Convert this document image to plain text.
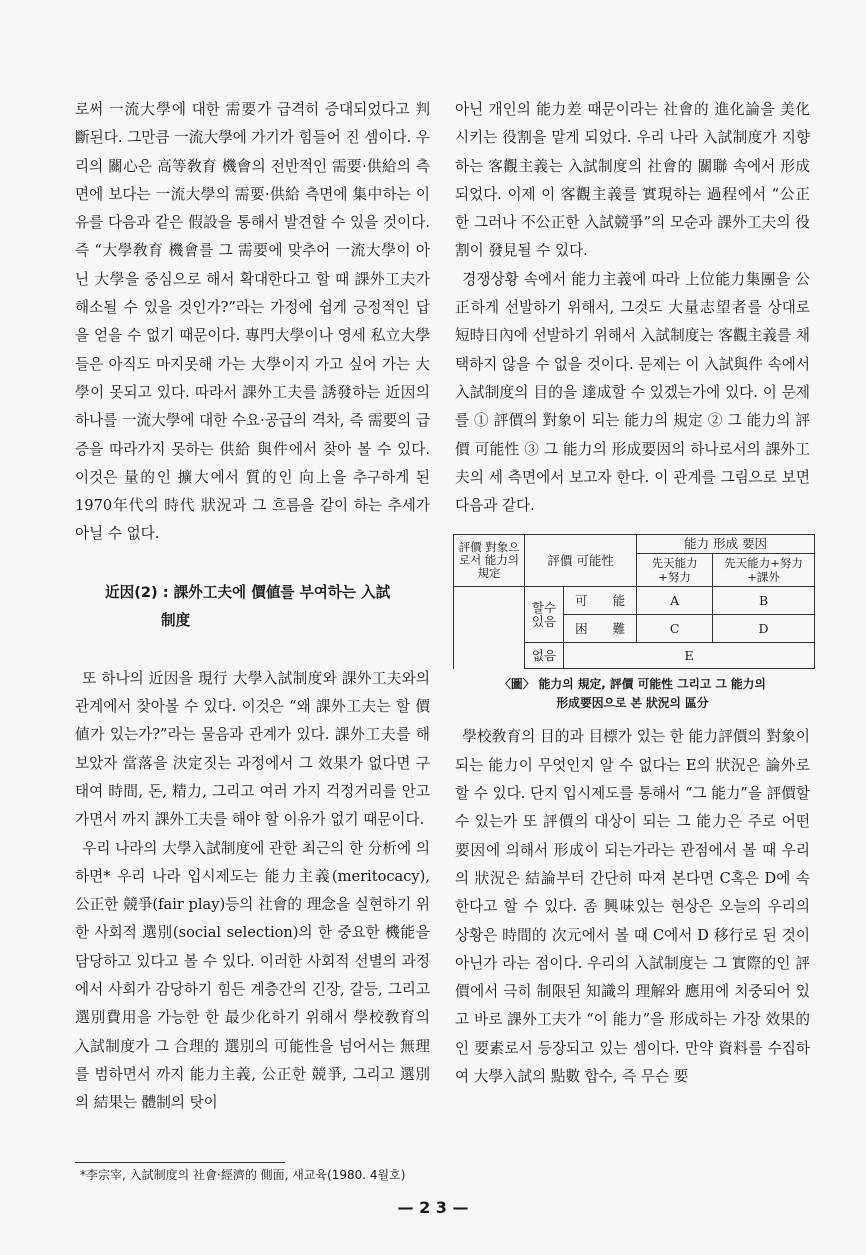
로써 一流大學에 대한 需要가 급격히 증대되었다고 判斷된다. 그만큼 一流大學에 가기가 힘들어 진 셈이다. 우리의 關心은 高等敎育 機會의 전반적인 需要·供給의 측면에 보다는 一流大學의 需要·供給 측면에 集中하는 이유를 다음과 같은 假設을 통해서 발견할 수 있을 것이다. 즉 “大學敎育 機會를 그 需要에 맞추어 一流大學이 아닌 大學을 중심으로 해서 확대한다고 할 때 課外工夫가 해소될 수 있을 것인가?”라는 가정에 쉽게 긍정적인 답을 얻을 수 없기 때문이다. 專門大學이나 영세 私立大學들은 아직도 마지못해 가는 大學이지 가고 싶어 가는 大學이 못되고 있다. 따라서 課外工夫를 誘發하는 近因의 하나를 一流大學에 대한 수요·공급의 격차, 즉 需要의 급증을 따라가지 못하는 供給 與件에서 찾아 볼 수 있다. 이것은 量的인 擴大에서 質的인 向上을 추구하게 된 1970年代의 時代 狀況과 그 흐름을 같이 하는 추세가 아닐 수 없다.

近因(2) : 課外工夫에 價値를 부여하는 入試
制度

또 하나의 近因을 現行 大學入試制度와 課外工夫와의 관계에서 찾아볼 수 있다. 이것은 “왜 課外工夫는 할 價値가 있는가?”라는 물음과 관계가 있다. 課外工夫를 해 보았자 當落을 決定짓는 과정에서 그 效果가 없다면 구태여 時間, 돈, 精力, 그리고 여러 가지 걱정거리를 안고 가면서 까지 課外工夫를 해야 할 이유가 없기 때문이다.

우리 나라의 大學入試制度에 관한 최근의 한 分析에 의하면* 우리 나라 입시제도는 能力主義(meritocacy), 公正한 競爭(fair play)등의 社會的 理念을 실현하기 위한 사회적 選別(social selection)의 한 중요한 機能을 담당하고 있다고 볼 수 있다. 이러한 사회적 선별의 과정에서 사회가 감당하기 힘든 계층간의 긴장, 갈등, 그리고 選別費用을 가능한 한 最少化하기 위해서 學校敎育의 入試制度가 그 合理的 選別의 可能性을 넘어서는 無理를 범하면서 까지 能力主義, 公正한 競爭, 그리고 選別의 結果는 體制의 탓이

아닌 개인의 能力差 때문이라는 社會的 進化論을 美化시키는 役割을 맡게 되었다. 우리 나라 入試制度가 지향하는 客觀主義는 入試制度의 社會的 關聯 속에서 形成되었다. 이제 이 客觀主義를 實現하는 過程에서 “公正한 그러나 不公正한 入試競爭”의 모순과 課外工夫의 役割이 發見될 수 있다.

경쟁상황 속에서 能力主義에 따라 上位能力集團을 公正하게 선발하기 위해서, 그것도 大量志望者를 상대로 短時日內에 선발하기 위해서 入試制度는 客觀主義를 채택하지 않을 수 없을 것이다. 문제는 이 入試與件 속에서 入試制度의 目的을 達成할 수 있겠는가에 있다. 이 문제를 ① 評價의 對象이 되는 能力의 規定 ② 그 能力의 評價 可能性 ③ 그 能力의 形成要因의 하나로서의 課外工夫의 세 측면에서 보고자 한다. 이 관계를 그림으로 보면 다음과 같다.

評價 對象으로서 能力의 規定	評價 可能性		能力 形成 要因	
			先天能力+努力	先天能力+努力+課外
	할수 있음	可　　能	A	B
		困　　難	C	D
	없음	E		
〈圖〉 能力의 規定, 評價 可能性 그리고 그 能力의
形成要因으로 본 狀況의 區分

學校敎育의 目的과 目標가 있는 한 能力評價의 對象이 되는 能力이 무엇인지 알 수 없다는 E의 狀況은 論外로 할 수 있다. 단지 입시제도를 통해서 “그 能力”을 評價할 수 있는가 또 評價의 대상이 되는 그 能力은 주로 어떤 要因에 의해서 形成이 되는가라는 관점에서 볼 때 우리의 狀況은 結論부터 간단히 따져 본다면 C혹은 D에 속한다고 할 수 있다. 좀 興味있는 현상은 오늘의 우리의 상황은 時間的 次元에서 볼 때 C에서 D 移行로 된 것이 아닌가 라는 점이다. 우리의 入試制度는 그 實際的인 評價에서 극히 制限된 知識의 理解와 應用에 치중되어 있고 바로 課外工夫가 “이 能力”을 形成하는 가장 效果的인 要素로서 등장되고 있는 셈이다. 만약 資料를 수집하여 大學入試의 點數 합수, 즉 무슨 要

*李宗宰, 入試制度의 社會·經濟的 側面, 새교육(1980. 4월호)
— 2 3 —
